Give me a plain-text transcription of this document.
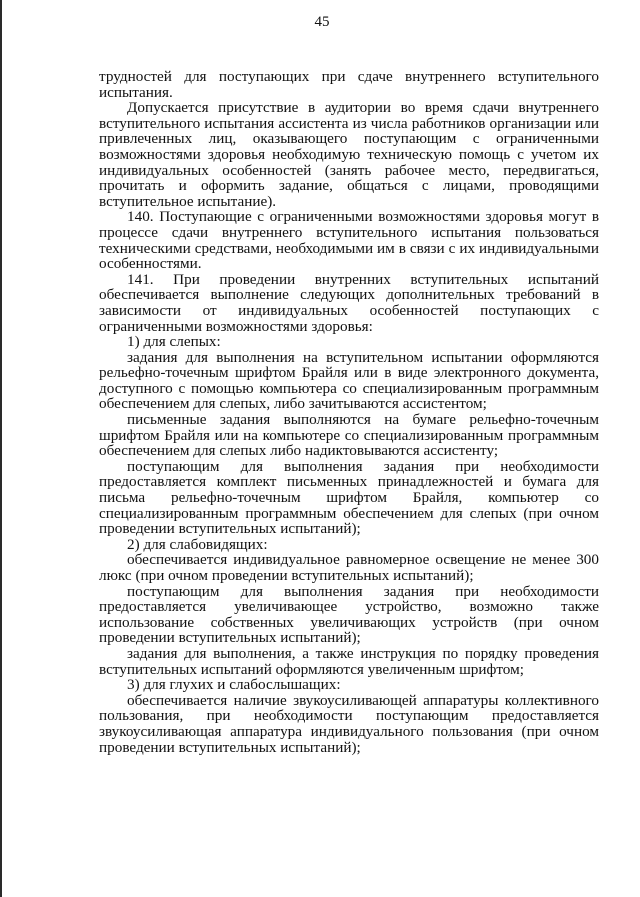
45

трудностей для поступающих при сдаче внутреннего вступительного испытания.

Допускается присутствие в аудитории во время сдачи внутреннего вступительного испытания ассистента из числа работников организации или привлеченных лиц, оказывающего поступающим с ограниченными возможностями здоровья необходимую техническую помощь с учетом их индивидуальных особенностей (занять рабочее место, передвигаться, прочитать и оформить задание, общаться с лицами, проводящими вступительное испытание).

140. Поступающие с ограниченными возможностями здоровья могут в процессе сдачи внутреннего вступительного испытания пользоваться техническими средствами, необходимыми им в связи с их индивидуальными особенностями.

141. При проведении внутренних вступительных испытаний обеспечивается выполнение следующих дополнительных требований в зависимости от индивидуальных особенностей поступающих с ограниченными возможностями здоровья:

1) для слепых:

задания для выполнения на вступительном испытании оформляются рельефно-точечным шрифтом Брайля или в виде электронного документа, доступного с помощью компьютера со специализированным программным обеспечением для слепых, либо зачитываются ассистентом;

письменные задания выполняются на бумаге рельефно-точечным шрифтом Брайля или на компьютере со специализированным программным обеспечением для слепых либо надиктовываются ассистенту;

поступающим для выполнения задания при необходимости предоставляется комплект письменных принадлежностей и бумага для письма рельефно-точечным шрифтом Брайля, компьютер со специализированным программным обеспечением для слепых (при очном проведении вступительных испытаний);

2) для слабовидящих:

обеспечивается индивидуальное равномерное освещение не менее 300 люкс (при очном проведении вступительных испытаний);

поступающим для выполнения задания при необходимости предоставляется увеличивающее устройство, возможно также использование собственных увеличивающих устройств (при очном проведении вступительных испытаний);

задания для выполнения, а также инструкция по порядку проведения вступительных испытаний оформляются увеличенным шрифтом;

3) для глухих и слабослышащих:

обеспечивается наличие звукоусиливающей аппаратуры коллективного пользования, при необходимости поступающим предоставляется звукоусиливающая аппаратура индивидуального пользования (при очном проведении вступительных испытаний);
